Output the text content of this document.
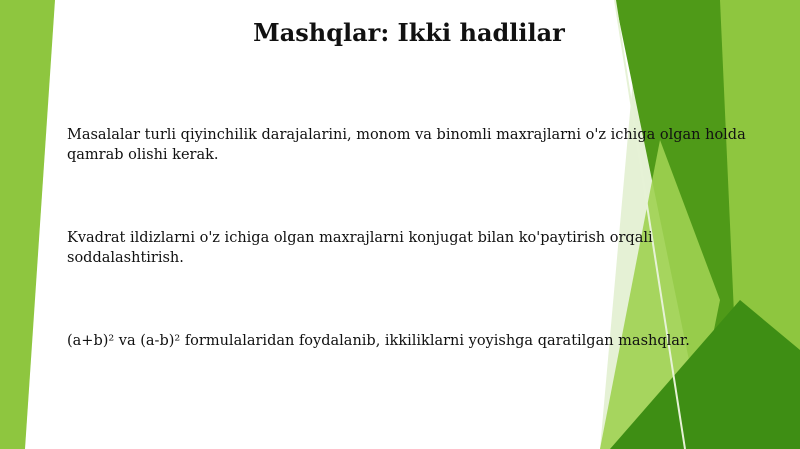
Mashqlar: Ikki hadlilar

Masalalar turli qiyinchilik darajalarini, monom va binomli maxrajlarni o'z ichiga olgan holda qamrab olishi kerak.

Kvadrat ildizlarni o'z ichiga olgan maxrajlarni konjugat bilan ko'paytirish orqali soddalashtirish.

(a+b)² va (a-b)² formulalaridan foydalanib, ikkiliklarni yoyishga qaratilgan mashqlar.
